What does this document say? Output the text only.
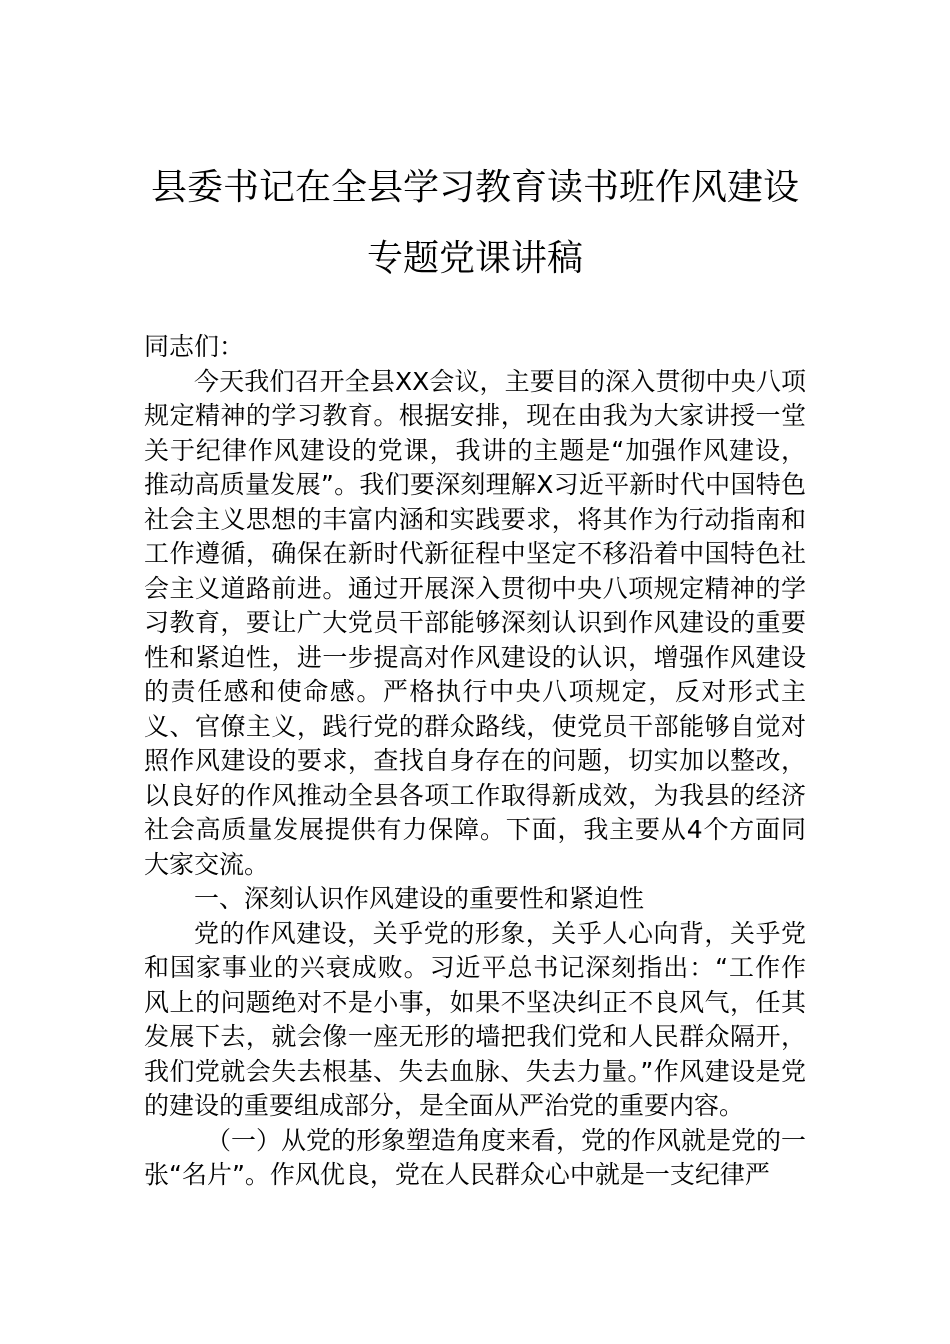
县委书记在全县学习教育读书班作风建设
专题党课讲稿

同志们：

今天我们召开全县XX会议，主要目的深入贯彻中央八项规定精神的学习教育。根据安排，现在由我为大家讲授一堂关于纪律作风建设的党课，我讲的主题是“加强作风建设，推动高质量发展”。我们要深刻理解X习近平新时代中国特色社会主义思想的丰富内涵和实践要求，将其作为行动指南和工作遵循，确保在新时代新征程中坚定不移沿着中国特色社会主义道路前进。通过开展深入贯彻中央八项规定精神的学习教育，要让广大党员干部能够深刻认识到作风建设的重要性和紧迫性，进一步提高对作风建设的认识，增强作风建设的责任感和使命感。严格执行中央八项规定，反对形式主义、官僚主义，践行党的群众路线，使党员干部能够自觉对照作风建设的要求，查找自身存在的问题，切实加以整改，以良好的作风推动全县各项工作取得新成效，为我县的经济社会高质量发展提供有力保障。下面，我主要从4个方面同大家交流。

一、深刻认识作风建设的重要性和紧迫性

党的作风建设，关乎党的形象，关乎人心向背，关乎党和国家事业的兴衰成败。习近平总书记深刻指出：“工作作风上的问题绝对不是小事，如果不坚决纠正不良风气，任其发展下去，就会像一座无形的墙把我们党和人民群众隔开，我们党就会失去根基、失去血脉、失去力量。”作风建设是党的建设的重要组成部分，是全面从严治党的重要内容。

（一）从党的形象塑造角度来看，党的作风就是党的一张“名片”。作风优良，党在人民群众心中就是一支纪律严
